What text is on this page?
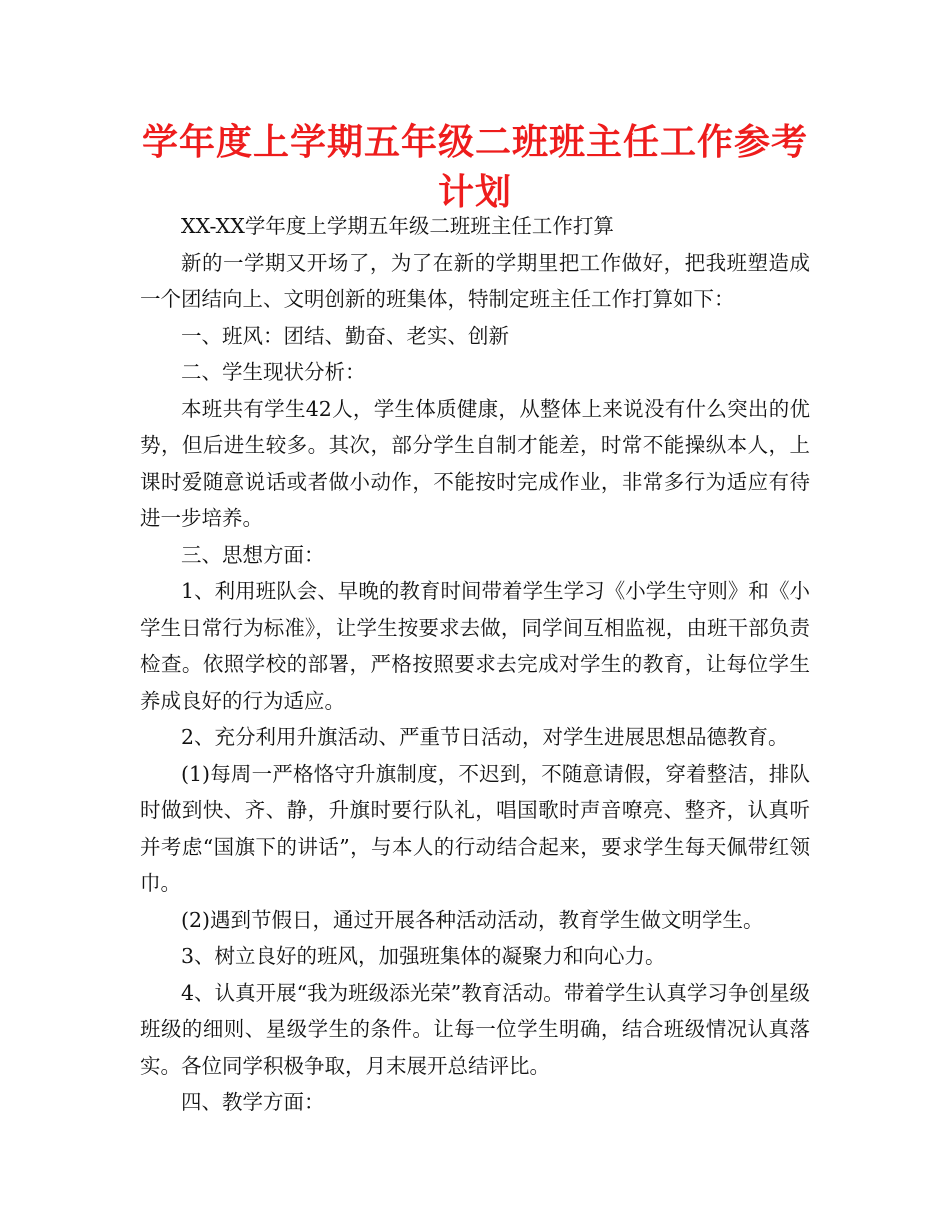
学年度上学期五年级二班班主任工作参考计划

XX-XX学年度上学期五年级二班班主任工作打算

新的一学期又开场了，为了在新的学期里把工作做好，把我班塑造成一个团结向上、文明创新的班集体，特制定班主任工作打算如下：

一、班风：团结、勤奋、老实、创新

二、学生现状分析：

本班共有学生42人，学生体质健康，从整体上来说没有什么突出的优势，但后进生较多。其次，部分学生自制才能差，时常不能操纵本人，上课时爱随意说话或者做小动作，不能按时完成作业，非常多行为适应有待进一步培养。

三、思想方面：

1、利用班队会、早晚的教育时间带着学生学习《小学生守则》和《小学生日常行为标准》，让学生按要求去做，同学间互相监视，由班干部负责检查。依照学校的部署，严格按照要求去完成对学生的教育，让每位学生养成良好的行为适应。

2、充分利用升旗活动、严重节日活动，对学生进展思想品德教育。

(1)每周一严格恪守升旗制度，不迟到，不随意请假，穿着整洁，排队时做到快、齐、静，升旗时要行队礼，唱国歌时声音嘹亮、整齐，认真听并考虑“国旗下的讲话”，与本人的行动结合起来，要求学生每天佩带红领巾。

(2)遇到节假日，通过开展各种活动活动，教育学生做文明学生。

3、树立良好的班风，加强班集体的凝聚力和向心力。

4、认真开展“我为班级添光荣”教育活动。带着学生认真学习争创星级班级的细则、星级学生的条件。让每一位学生明确，结合班级情况认真落实。各位同学积极争取，月末展开总结评比。

四、教学方面：
